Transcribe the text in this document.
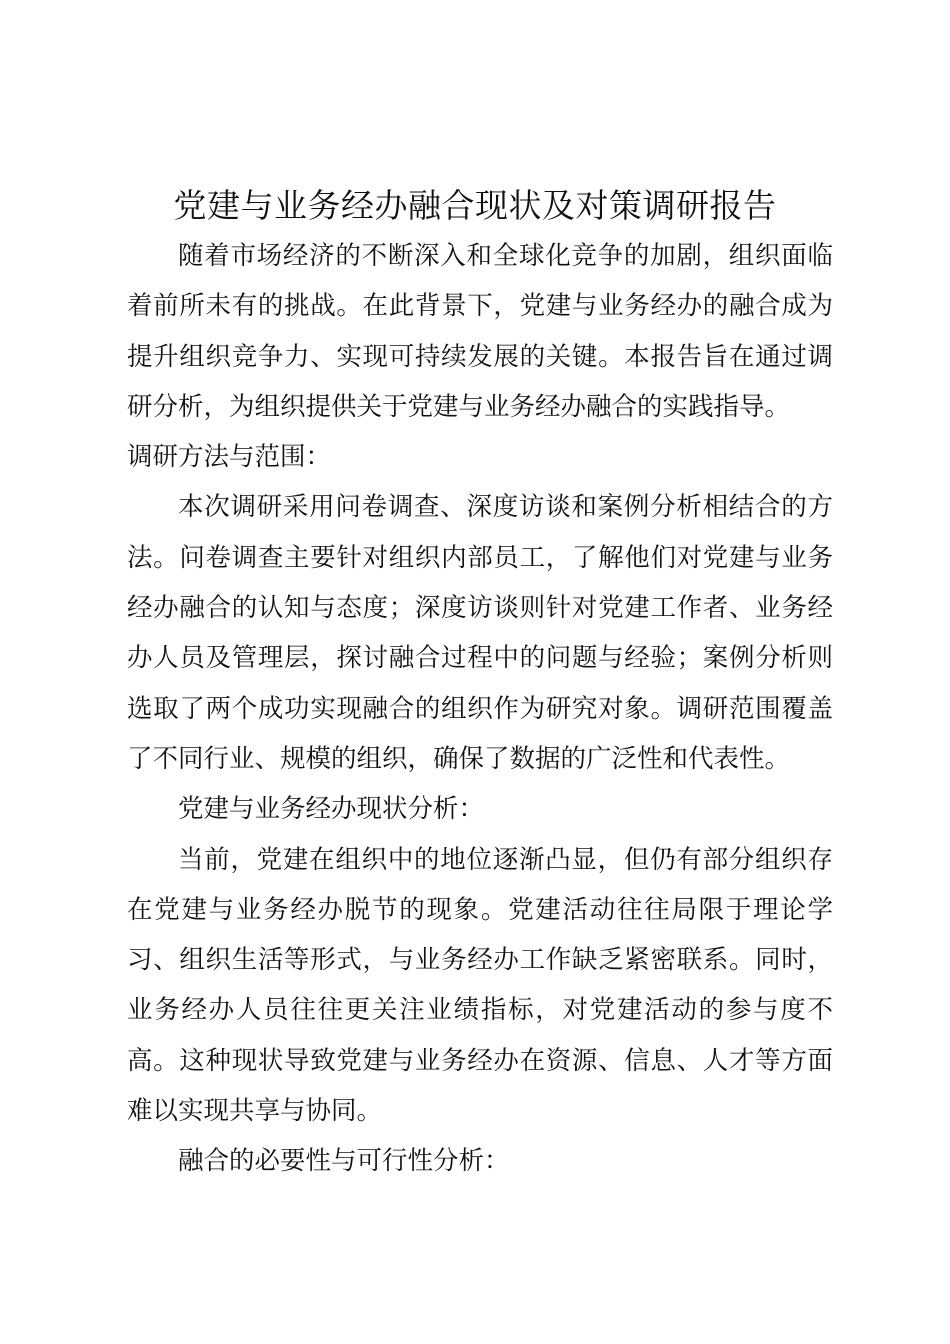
党建与业务经办融合现状及对策调研报告

随着市场经济的不断深入和全球化竞争的加剧，组织面临着前所未有的挑战。在此背景下，党建与业务经办的融合成为提升组织竞争力、实现可持续发展的关键。本报告旨在通过调研分析，为组织提供关于党建与业务经办融合的实践指导。

调研方法与范围：

本次调研采用问卷调查、深度访谈和案例分析相结合的方法。问卷调查主要针对组织内部员工，了解他们对党建与业务经办融合的认知与态度；深度访谈则针对党建工作者、业务经办人员及管理层，探讨融合过程中的问题与经验；案例分析则选取了两个成功实现融合的组织作为研究对象。调研范围覆盖了不同行业、规模的组织，确保了数据的广泛性和代表性。

党建与业务经办现状分析：

当前，党建在组织中的地位逐渐凸显，但仍有部分组织存在党建与业务经办脱节的现象。党建活动往往局限于理论学习、组织生活等形式，与业务经办工作缺乏紧密联系。同时，业务经办人员往往更关注业绩指标，对党建活动的参与度不高。这种现状导致党建与业务经办在资源、信息、人才等方面难以实现共享与协同。

融合的必要性与可行性分析：
